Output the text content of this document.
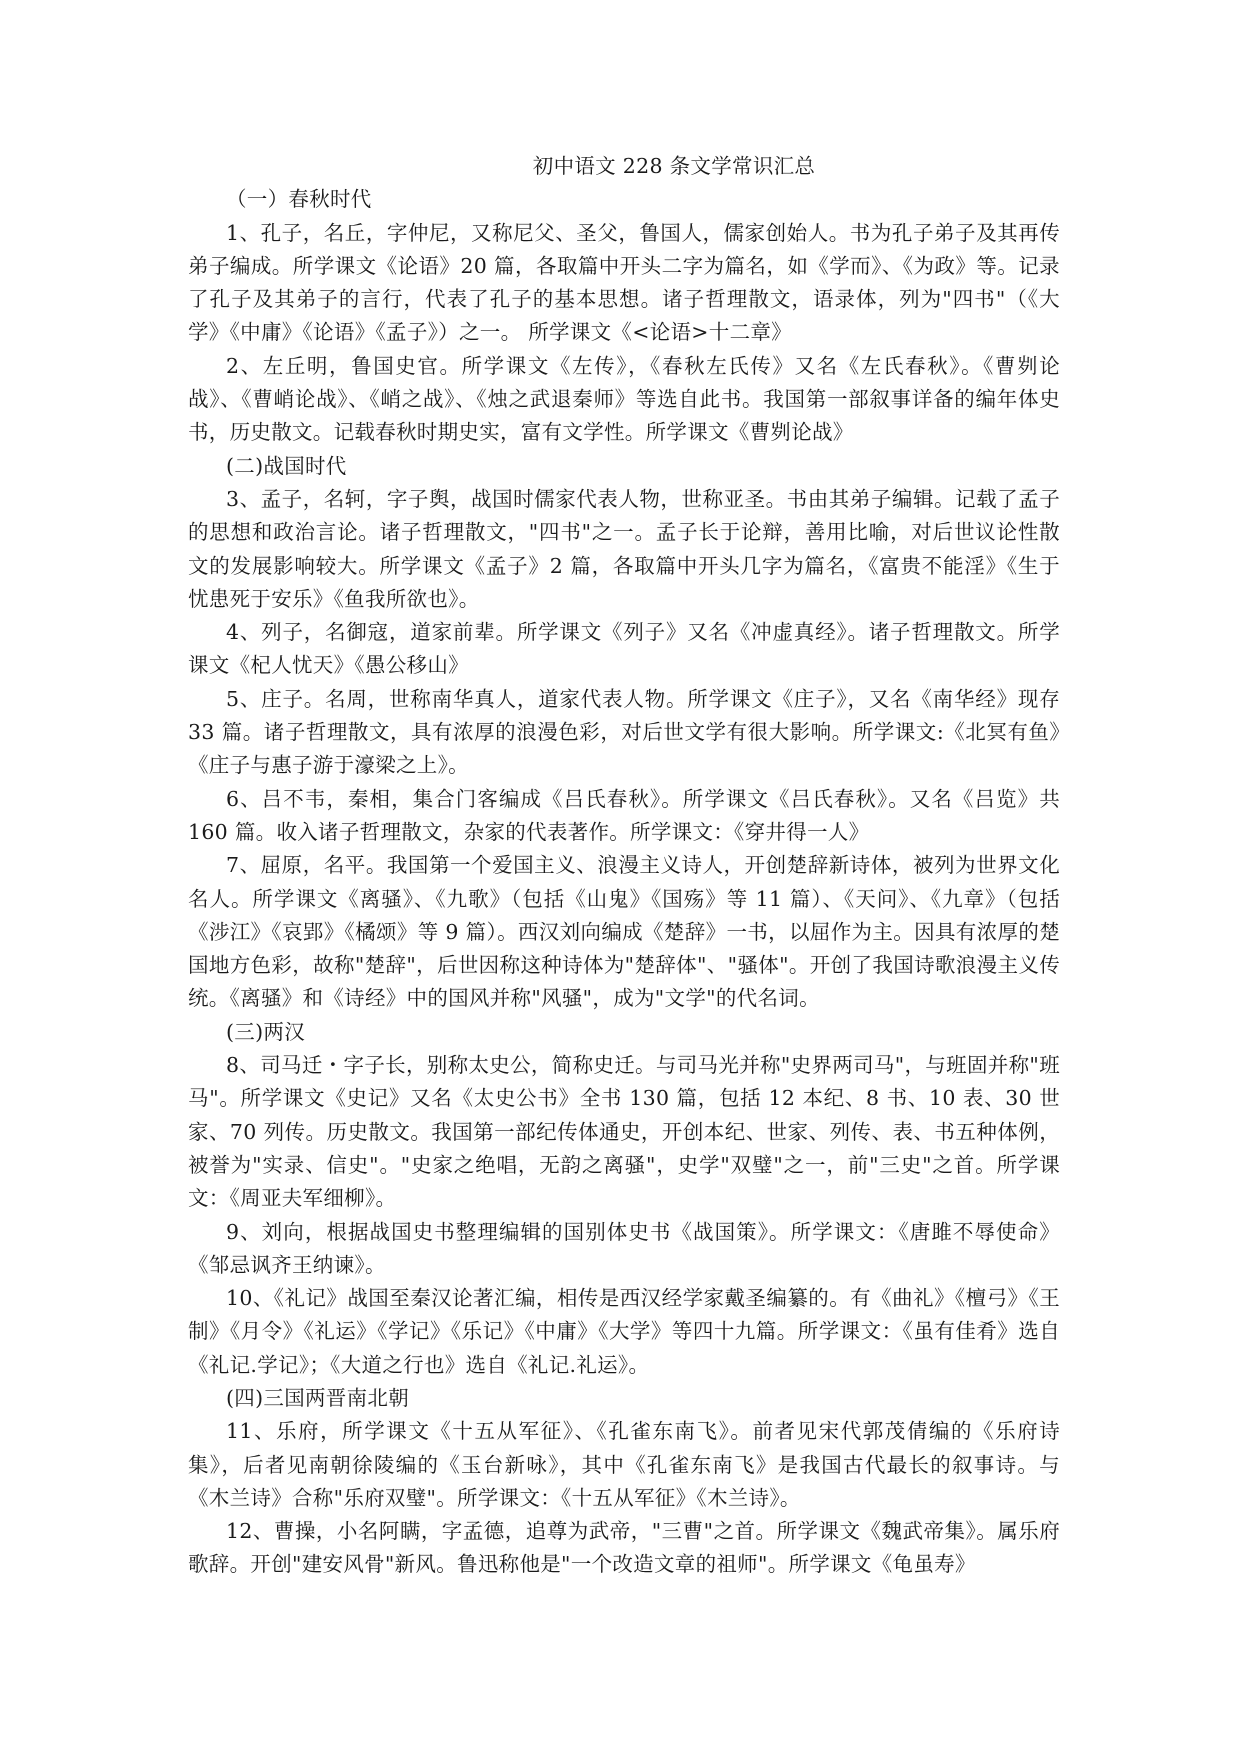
初中语文 228 条文学常识汇总

（一）春秋时代

1、孔子，名丘，字仲尼，又称尼父、圣父，鲁国人，儒家创始人。书为孔子弟子及其再传弟子编成。所学课文《论语》20 篇，各取篇中开头二字为篇名，如《学而》、《为政》等。记录了孔子及其弟子的言行，代表了孔子的基本思想。诸子哲理散文，语录体，列为"四书"（《大学》《中庸》《论语》《孟子》）之一。 所学课文《<论语>十二章》

2、左丘明，鲁国史官。所学课文《左传》，《春秋左氏传》又名《左氏春秋》。《曹刿论战》、《曹峭论战》、《峭之战》、《烛之武退秦师》等选自此书。我国第一部叙事详备的编年体史书，历史散文。记载春秋时期史实，富有文学性。所学课文《曹刿论战》

(二)战国时代

3、孟子，名轲，字子舆，战国时儒家代表人物，世称亚圣。书由其弟子编辑。记载了孟子的思想和政治言论。诸子哲理散文，"四书"之一。孟子长于论辩，善用比喻，对后世议论性散文的发展影响较大。所学课文《孟子》2 篇，各取篇中开头几字为篇名，《富贵不能淫》《生于忧患死于安乐》《鱼我所欲也》。

4、列子，名御寇，道家前辈。所学课文《列子》又名《冲虚真经》。诸子哲理散文。所学课文《杞人忧天》《愚公移山》

5、庄子。名周，世称南华真人，道家代表人物。所学课文《庄子》，又名《南华经》现存 33 篇。诸子哲理散文，具有浓厚的浪漫色彩，对后世文学有很大影响。所学课文:《北冥有鱼》《庄子与惠子游于濠梁之上》。

6、吕不韦，秦相，集合门客编成《吕氏春秋》。所学课文《吕氏春秋》。又名《吕览》共 160 篇。收入诸子哲理散文，杂家的代表著作。所学课文：《穿井得一人》

7、屈原，名平。我国第一个爱国主义、浪漫主义诗人，开创楚辞新诗体，被列为世界文化名人。所学课文《离骚》、《九歌》（包括《山鬼》《国殇》等 11 篇）、《天问》、《九章》（包括 《涉江》《哀郢》《橘颂》等 9 篇）。西汉刘向编成《楚辞》一书，以屈作为主。因具有浓厚的楚国地方色彩，故称"楚辞"，后世因称这种诗体为"楚辞体"、"骚体"。开创了我国诗歌浪漫主义传统。《离骚》和《诗经》中的国风并称"风骚"，成为"文学"的代名词。

(三)两汉

8、司马迁・字子长，别称太史公，简称史迁。与司马光并称"史界两司马"，与班固并称"班马"。所学课文《史记》又名《太史公书》全书 130 篇，包括 12 本纪、8 书、10 表、30 世家、70 列传。历史散文。我国第一部纪传体通史，开创本纪、世家、列传、表、书五种体例，被誉为"实录、信史"。"史家之绝唱，无韵之离骚"，史学"双璧"之一，前"三史"之首。所学课文：《周亚夫军细柳》。

9、刘向，根据战国史书整理编辑的国别体史书《战国策》。所学课文：《唐雎不辱使命》《邹忌讽齐王纳谏》。

10、《礼记》战国至秦汉论著汇编，相传是西汉经学家戴圣编纂的。有《曲礼》《檀弓》《王制》《月令》《礼运》《学记》《乐记》《中庸》《大学》等四十九篇。所学课文：《虽有佳肴》选自《礼记.学记》；《大道之行也》选自《礼记.礼运》。

(四)三国两晋南北朝

11、乐府，所学课文《十五从军征》、《孔雀东南飞》。前者见宋代郭茂倩编的《乐府诗集》，后者见南朝徐陵编的《玉台新咏》，其中《孔雀东南飞》是我国古代最长的叙事诗。与《木兰诗》合称"乐府双璧"。所学课文：《十五从军征》《木兰诗》。

12、曹操，小名阿瞒，字孟德，追尊为武帝，"三曹"之首。所学课文《魏武帝集》。属乐府歌辞。开创"建安风骨"新风。鲁迅称他是"一个改造文章的祖师"。所学课文《龟虽寿》
